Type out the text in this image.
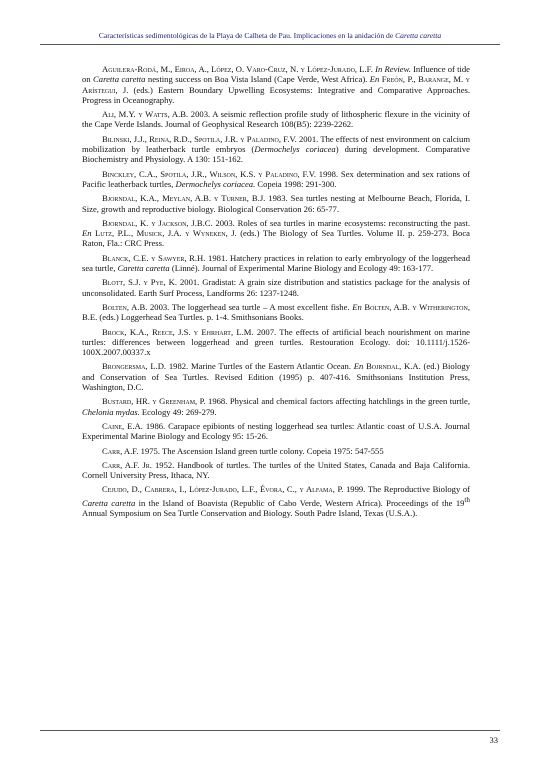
Características sedimentológicas de la Playa de Calheta de Pau. Implicaciones en la anidación de Caretta caretta

Aguilera-Rodá, M., Eiroa, A., López, O. Varo-Cruz, N. y López-Jurado, L.F. In Review. Influence of tide on Caretta caretta nesting success on Boa Vista Island (Cape Verde, West Africa). En Freón, P., Barange, M. y Arístegui, J. (eds.) Eastern Boundary Upwelling Ecosystems: Integrative and Comparative Approaches. Progress in Oceanography.

Ali, M.Y. y Watts, A.B. 2003. A seismic reflection profile study of lithospheric flexure in the vicinity of the Cape Verde Islands. Journal of Geophysical Research 108(B5): 2239-2262.

Bilinski, J.J., Reina, R.D., Spotila, J.R. y Paladino, F.V. 2001. The effects of nest environment on calcium mobilization by leatherback turtle embryos (Dermochelys coriacea) during development. Comparative Biochemistry and Physiology. A 130: 151-162.

Binckley, C.A., Spotila, J.R., Wilson, K.S. y Paladino, F.V. 1998. Sex determination and sex rations of Pacific leatherback turtles, Dermochelys coriacea. Copeia 1998: 291-300.

Bjorndal, K.A., Meylan, A.B. y Turner, B.J. 1983. Sea turtles nesting at Melbourne Beach, Florida, I. Size, growth and reproductive biology. Biological Conservation 26: 65-77.

Bjorndal, K. y Jackson, J.B.C. 2003. Roles of sea turtles in marine ecosystems: reconstructing the past. En Lutz, P.L., Musick, J.A. y Wyneken, J. (eds.) The Biology of Sea Turtles. Volume II. p. 259-273. Boca Raton, Fla.: CRC Press.

Blanck, C.E. y Sawyer, R.H. 1981. Hatchery practices in relation to early embryology of the loggerhead sea turtle, Caretta caretta (Linné). Journal of Experimental Marine Biology and Ecology 49: 163-177.

Blott, S.J. y Pye, K. 2001. Gradistat: A grain size distribution and statistics package for the analysis of unconsolidated. Earth Surf Process, Landforms 26: 1237-1248.

Bolten, A.B. 2003. The loggerhead sea turtle – A most excellent fishe. En Bolten, A.B. y Witherington, B.E. (eds.) Loggerhead Sea Turtles. p. 1-4. Smithsonians Books.

Brock, K.A., Reece, J.S. y Ehrhart, L.M. 2007. The effects of artificial beach nourishment on marine turtles: differences between loggerhead and green turtles. Restouration Ecology. doi: 10.1111/j.1526-100X.2007.00337.x

Brongersma, L.D. 1982. Marine Turtles of the Eastern Atlantic Ocean. En Bojrndal, K.A. (ed.) Biology and Conservation of Sea Turtles. Revised Edition (1995) p. 407-416. Smithsonians Institution Press, Washington, D.C.

Bustard, HR. y Greenham, P. 1968. Physical and chemical factors affecting hatchlings in the green turtle, Chelonia mydas. Ecology 49: 269-279.

Caine, E.A. 1986. Carapace epibionts of nesting loggerhead sea turtles: Atlantic coast of U.S.A. Journal Experimental Marine Biology and Ecology 95: 15-26.

Carr, A.F. 1975. The Ascension Island green turtle colony. Copeia 1975: 547-555

Carr, A.F. Jr. 1952. Handbook of turtles. The turtles of the United States, Canada and Baja California. Cornell University Press, Ithaca, NY.

Cejudo, D., Cabrera, I., López-Jurado, L.F., Évora, C., y Alfama, P. 1999. The Reproductive Biology of Caretta caretta in the Island of Boavista (Republic of Cabo Verde, Western Africa). Proceedings of the 19th Annual Symposium on Sea Turtle Conservation and Biology. South Padre Island, Texas (U.S.A.).

33
